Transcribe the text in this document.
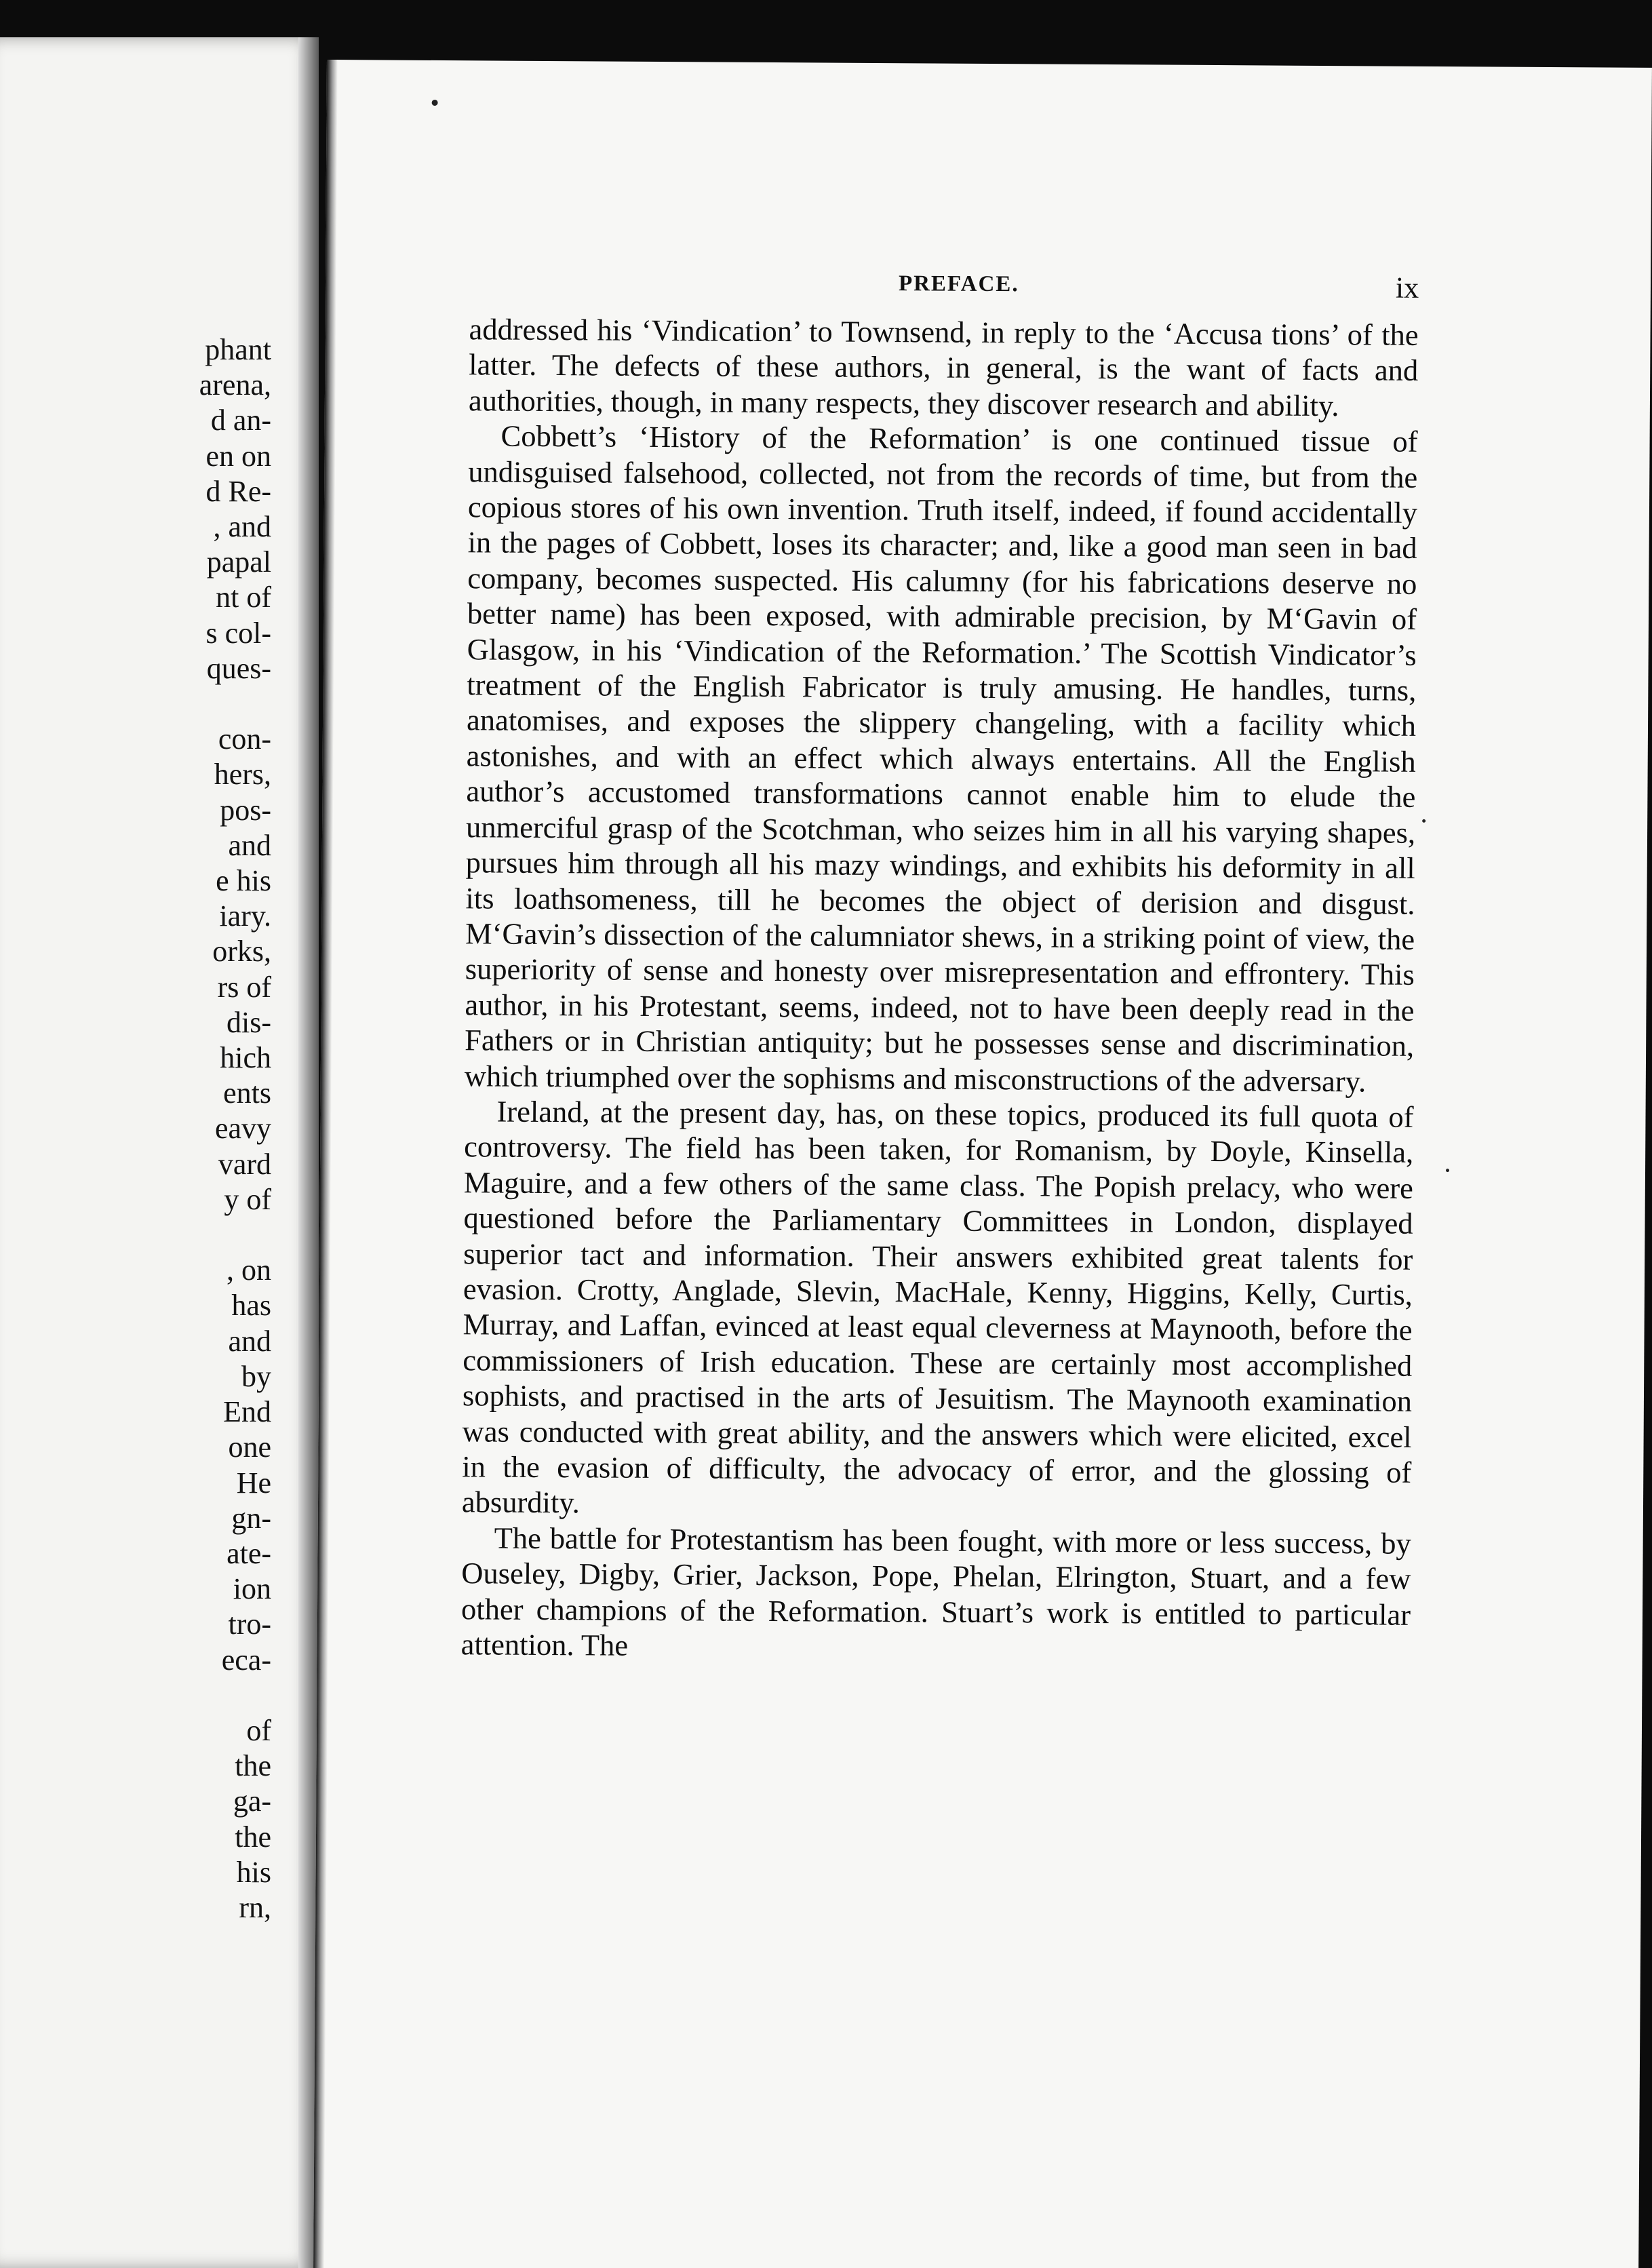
phant
arena,
d an-
en on
d Re-
, and
papal
nt of
s col-
ques-

con-
hers,
pos-
and
e his
iary.
orks,
rs of
dis-
hich
ents
eavy
vard
y of

, on
has
and
by
End
one
He
gn-
ate-
ion
tro-
eca-

of
the
ga-
the
his
rn,
PREFACE.	ix

addressed his ‘Vindication’ to Townsend, in reply to the ‘Accusa tions’ of the latter. The defects of these authors, in general, is the want of facts and authorities, though, in many respects, they discover research and ability.

Cobbett’s ‘History of the Reformation’ is one continued tissue of undisguised falsehood, collected, not from the records of time, but from the copious stores of his own invention. Truth itself, indeed, if found accidentally in the pages of Cobbett, loses its character; and, like a good man seen in bad company, becomes suspected. His calumny (for his fabrications deserve no better name) has been exposed, with admirable precision, by M‘Gavin of Glasgow, in his ‘Vindication of the Reformation.’ The Scottish Vindicator’s treatment of the English Fabricator is truly amusing. He handles, turns, anatomises, and exposes the slippery changeling, with a facility which astonishes, and with an effect which always entertains. All the English author’s accustomed transformations cannot enable him to elude the unmerciful grasp of the Scotchman, who seizes him in all his varying shapes, pursues him through all his mazy windings, and exhibits his deformity in all its loathsomeness, till he becomes the object of derision and disgust. M‘Gavin’s dissection of the calumniator shews, in a striking point of view, the superiority of sense and honesty over misrepresentation and effrontery. This author, in his Protestant, seems, indeed, not to have been deeply read in the Fathers or in Christian antiquity; but he possesses sense and discrimination, which triumphed over the sophisms and misconstructions of the adversary.

Ireland, at the present day, has, on these topics, produced its full quota of controversy. The field has been taken, for Romanism, by Doyle, Kinsella, Maguire, and a few others of the same class. The Popish prelacy, who were questioned before the Parliamentary Committees in London, displayed superior tact and information. Their answers exhibited great talents for evasion. Crotty, Anglade, Slevin, MacHale, Kenny, Higgins, Kelly, Curtis, Murray, and Laffan, evinced at least equal cleverness at Maynooth, before the commissioners of Irish education. These are certainly most accomplished sophists, and practised in the arts of Jesuitism. The Maynooth examination was conducted with great ability, and the answers which were elicited, excel in the evasion of difficulty, the advocacy of error, and the glossing of absurdity.

The battle for Protestantism has been fought, with more or less success, by Ouseley, Digby, Grier, Jackson, Pope, Phelan, Elrington, Stuart, and a few other champions of the Reformation. Stuart’s work is entitled to particular attention. The
